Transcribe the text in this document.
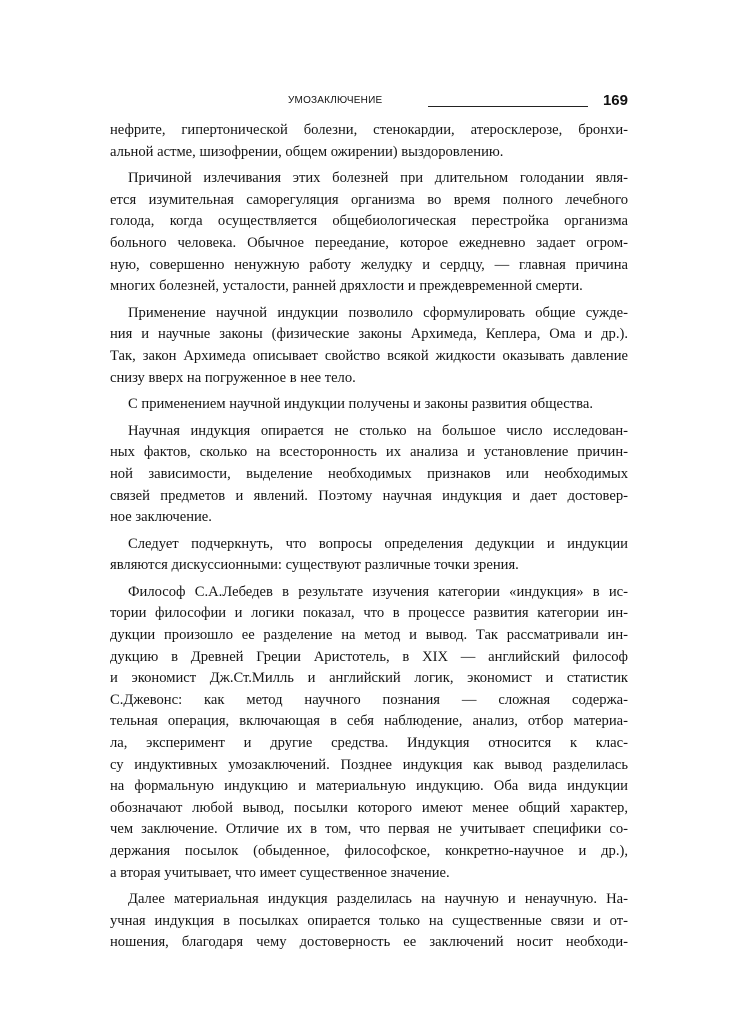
УМОЗАКЛЮЧЕНИЕ	169

нефрите, гипертонической болезни, стенокардии, атеросклерозе, бронхи-
альной астме, шизофрении, общем ожирении) выздоровлению.

Причиной излечивания этих болезней при длительном голодании явля-
ется изумительная саморегуляция организма во время полного лечебного
голода, когда осуществляется общебиологическая перестройка организма
больного человека. Обычное переедание, которое ежедневно задает огром-
ную, совершенно ненужную работу желудку и сердцу, — главная причина
многих болезней, усталости, ранней дряхлости и преждевременной смерти.

Применение научной индукции позволило сформулировать общие сужде-
ния и научные законы (физические законы Архимеда, Кеплера, Ома и др.).
Так, закон Архимеда описывает свойство всякой жидкости оказывать давление
снизу вверх на погруженное в нее тело.

С применением научной индукции получены и законы развития общества.

Научная индукция опирается не столько на большое число исследован-
ных фактов, сколько на всесторонность их анализа и установление причин-
ной зависимости, выделение необходимых признаков или необходимых
связей предметов и явлений. Поэтому научная индукция и дает достовер-
ное заключение.

Следует подчеркнуть, что вопросы определения дедукции и индукции
являются дискуссионными: существуют различные точки зрения.

Философ С.А.Лебедев в результате изучения категории «индукция» в ис-
тории философии и логики показал, что в процессе развития категории ин-
дукции произошло ее разделение на метод и вывод. Так рассматривали ин-
дукцию в Древней Греции Аристотель, в XIX — английский философ
и экономист Дж.Ст.Милль и английский логик, экономист и статистик
С.Джевонс: как метод научного познания — сложная содержа-
тельная операция, включающая в себя наблюдение, анализ, отбор материа-
ла, эксперимент и другие средства. Индукция относится к клас-
су индуктивных умозаключений. Позднее индукция как вывод разделилась
на формальную индукцию и материальную индукцию. Оба вида индукции
обозначают любой вывод, посылки которого имеют менее общий характер,
чем заключение. Отличие их в том, что первая не учитывает специфики со-
держания посылок (обыденное, философское, конкретно-научное и др.),
а вторая учитывает, что имеет существенное значение.

Далее материальная индукция разделилась на научную и ненаучную. На-
учная индукция в посылках опирается только на существенные связи и от-
ношения, благодаря чему достоверность ее заключений носит необходи-
